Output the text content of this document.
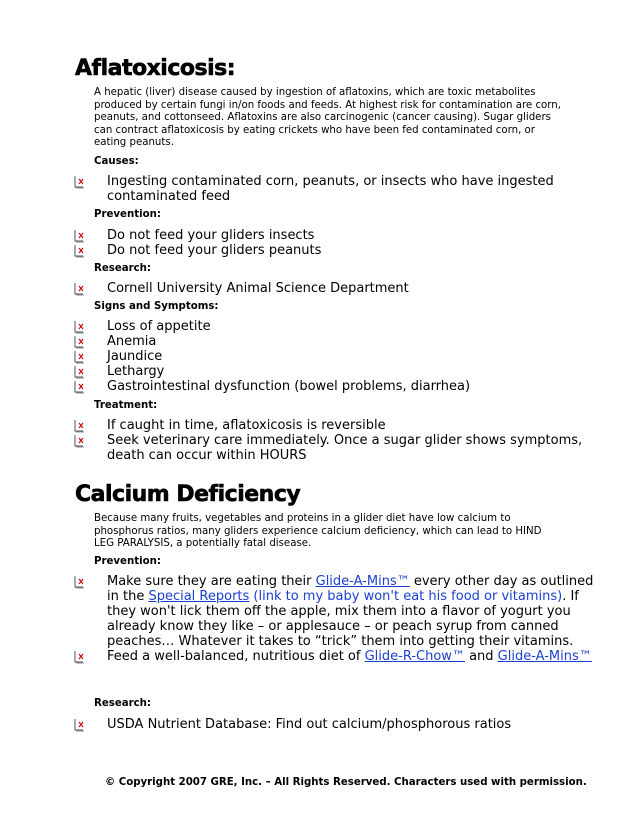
Aflatoxicosis:

A hepatic (liver) disease caused by ingestion of aflatoxins, which are toxic metabolites produced by certain fungi in/on foods and feeds. At highest risk for contamination are corn, peanuts, and cottonseed. Aflatoxins are also carcinogenic (cancer causing). Sugar gliders can contract aflatoxicosis by eating crickets who have been fed contaminated corn, or eating peanuts.

Causes:

Ingesting contaminated corn, peanuts, or insects who have ingested contaminated feed

Prevention:

Do not feed your gliders insects
Do not feed your gliders peanuts

Research:

Cornell University Animal Science Department

Signs and Symptoms:

Loss of appetite
Anemia
Jaundice
Lethargy
Gastrointestinal dysfunction (bowel problems, diarrhea)

Treatment:

If caught in time, aflatoxicosis is reversible
Seek veterinary care immediately. Once a sugar glider shows symptoms, death can occur within HOURS
Calcium Deficiency

Because many fruits, vegetables and proteins in a glider diet have low calcium to phosphorus ratios, many gliders experience calcium deficiency, which can lead to HIND LEG PARALYSIS, a potentially fatal disease.

Prevention:

Make sure they are eating their Glide-A-Mins™ every other day as outlined in the Special Reports (link to my baby won't eat his food or vitamins). If they won't lick them off the apple, mix them into a flavor of yogurt you already know they like – or applesauce – or peach syrup from canned peaches… Whatever it takes to “trick” them into getting their vitamins.
Feed a well-balanced, nutritious diet of Glide-R-Chow™ and Glide-A-Mins™

Research:

USDA Nutrient Database: Find out calcium/phosphorous ratios

© Copyright 2007 GRE, Inc. – All Rights Reserved. Characters used with permission.
